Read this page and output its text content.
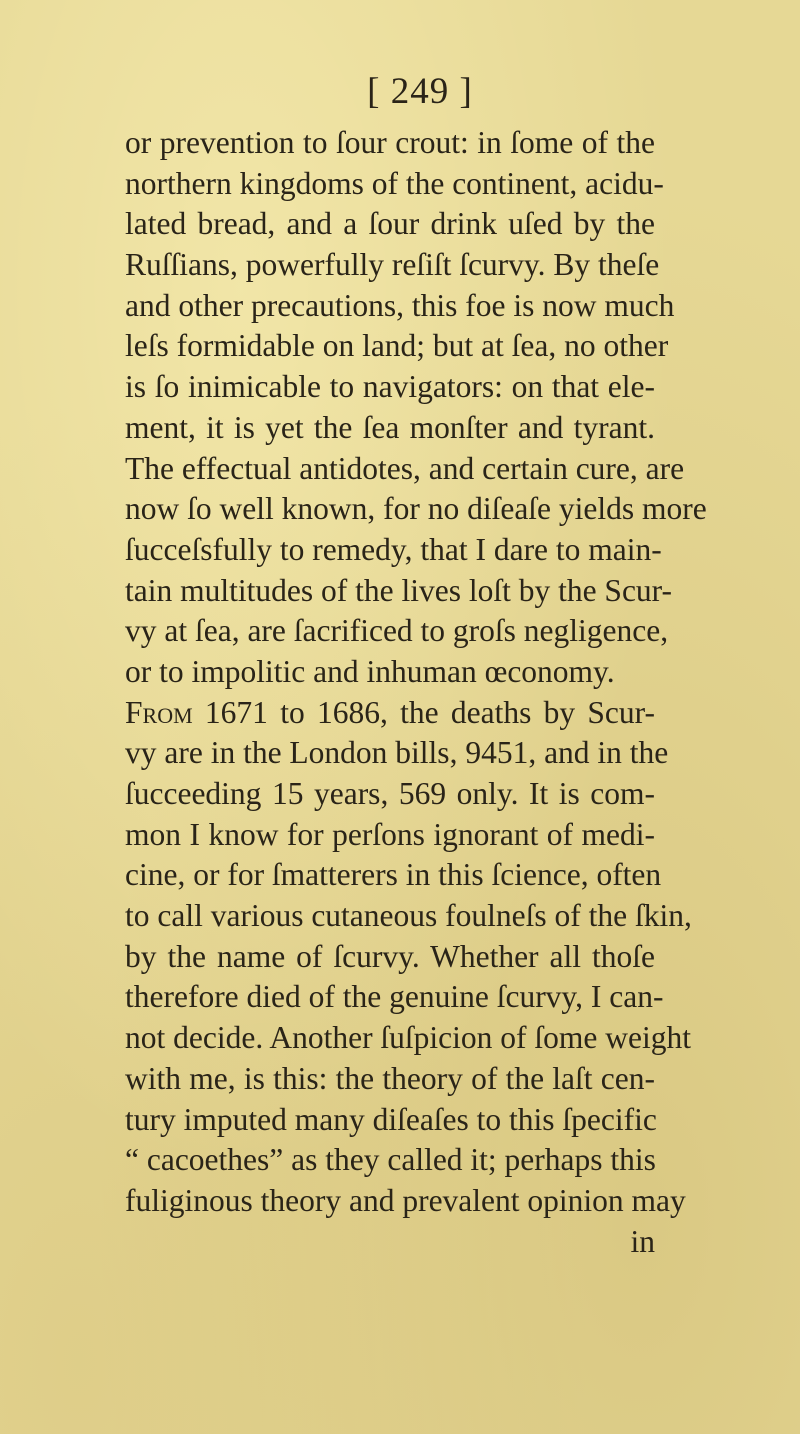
[ 249 ]
or prevention to ſour crout: in ſome of the
northern kingdoms of the continent, acidu-
lated bread, and a ſour drink uſed by the
Ruſſians, powerfully reſiſt ſcurvy. By theſe
and other precautions, this foe is now much
leſs formidable on land; but at ſea, no other
is ſo inimicable to navigators: on that ele-
ment, it is yet the ſea monſter and tyrant.
The effectual antidotes, and certain cure, are
now ſo well known, for no diſeaſe yields more
ſucceſsfully to remedy, that I dare to main-
tain multitudes of the lives loſt by the Scur-
vy at ſea, are ſacrificed to groſs negligence,
or to impolitic and inhuman œconomy.
From 1671 to 1686, the deaths by Scur-
vy are in the London bills, 9451, and in the
ſucceeding 15 years, 569 only. It is com-
mon I know for perſons ignorant of medi-
cine, or for ſmatterers in this ſcience, often
to call various cutaneous foulneſs of the ſkin,
by the name of ſcurvy. Whether all thoſe
therefore died of the genuine ſcurvy, I can-
not decide. Another ſuſpicion of ſome weight
with me, is this: the theory of the laſt cen-
tury imputed many diſeaſes to this ſpecific
“ cacoethes” as they called it; perhaps this
fuliginous theory and prevalent opinion may
in
